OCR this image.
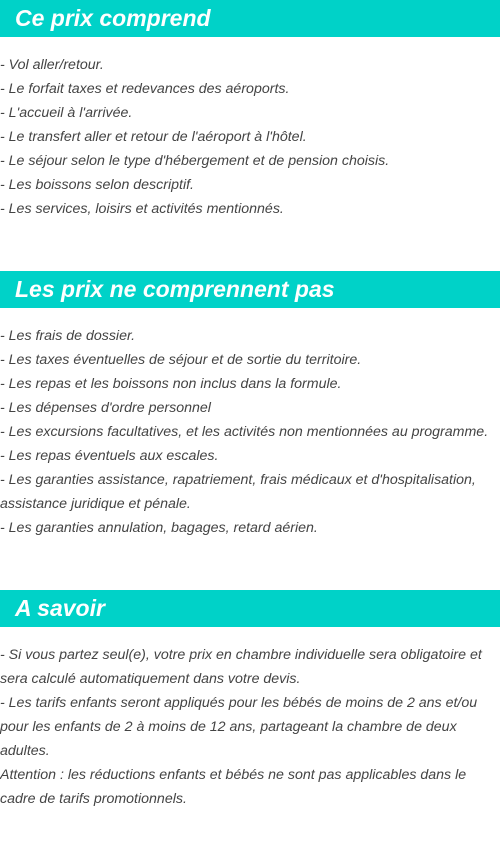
Ce prix comprend
- Vol aller/retour.
- Le forfait taxes et redevances des aéroports.
- L'accueil à l'arrivée.
- Le transfert aller et retour de l'aéroport à l'hôtel.
- Le séjour selon le type d'hébergement et de pension choisis.
- Les boissons selon descriptif.
- Les services, loisirs et activités mentionnés.
Les prix ne comprennent pas
- Les frais de dossier.
- Les taxes éventuelles de séjour et de sortie du territoire.
- Les repas et les boissons non inclus dans la formule.
- Les dépenses d'ordre personnel
- Les excursions facultatives, et les activités non mentionnées au programme.
- Les repas éventuels aux escales.
- Les garanties assistance, rapatriement, frais médicaux et d'hospitalisation, assistance juridique et pénale.
- Les garanties annulation, bagages, retard aérien.
A savoir
- Si vous partez seul(e), votre prix en chambre individuelle sera obligatoire et sera calculé automatiquement dans votre devis.
- Les tarifs enfants seront appliqués pour les bébés de moins de 2 ans et/ou pour les enfants de 2 à moins de 12 ans, partageant la chambre de deux adultes.
Attention : les réductions enfants et bébés ne sont pas applicables dans le cadre de tarifs promotionnels.
